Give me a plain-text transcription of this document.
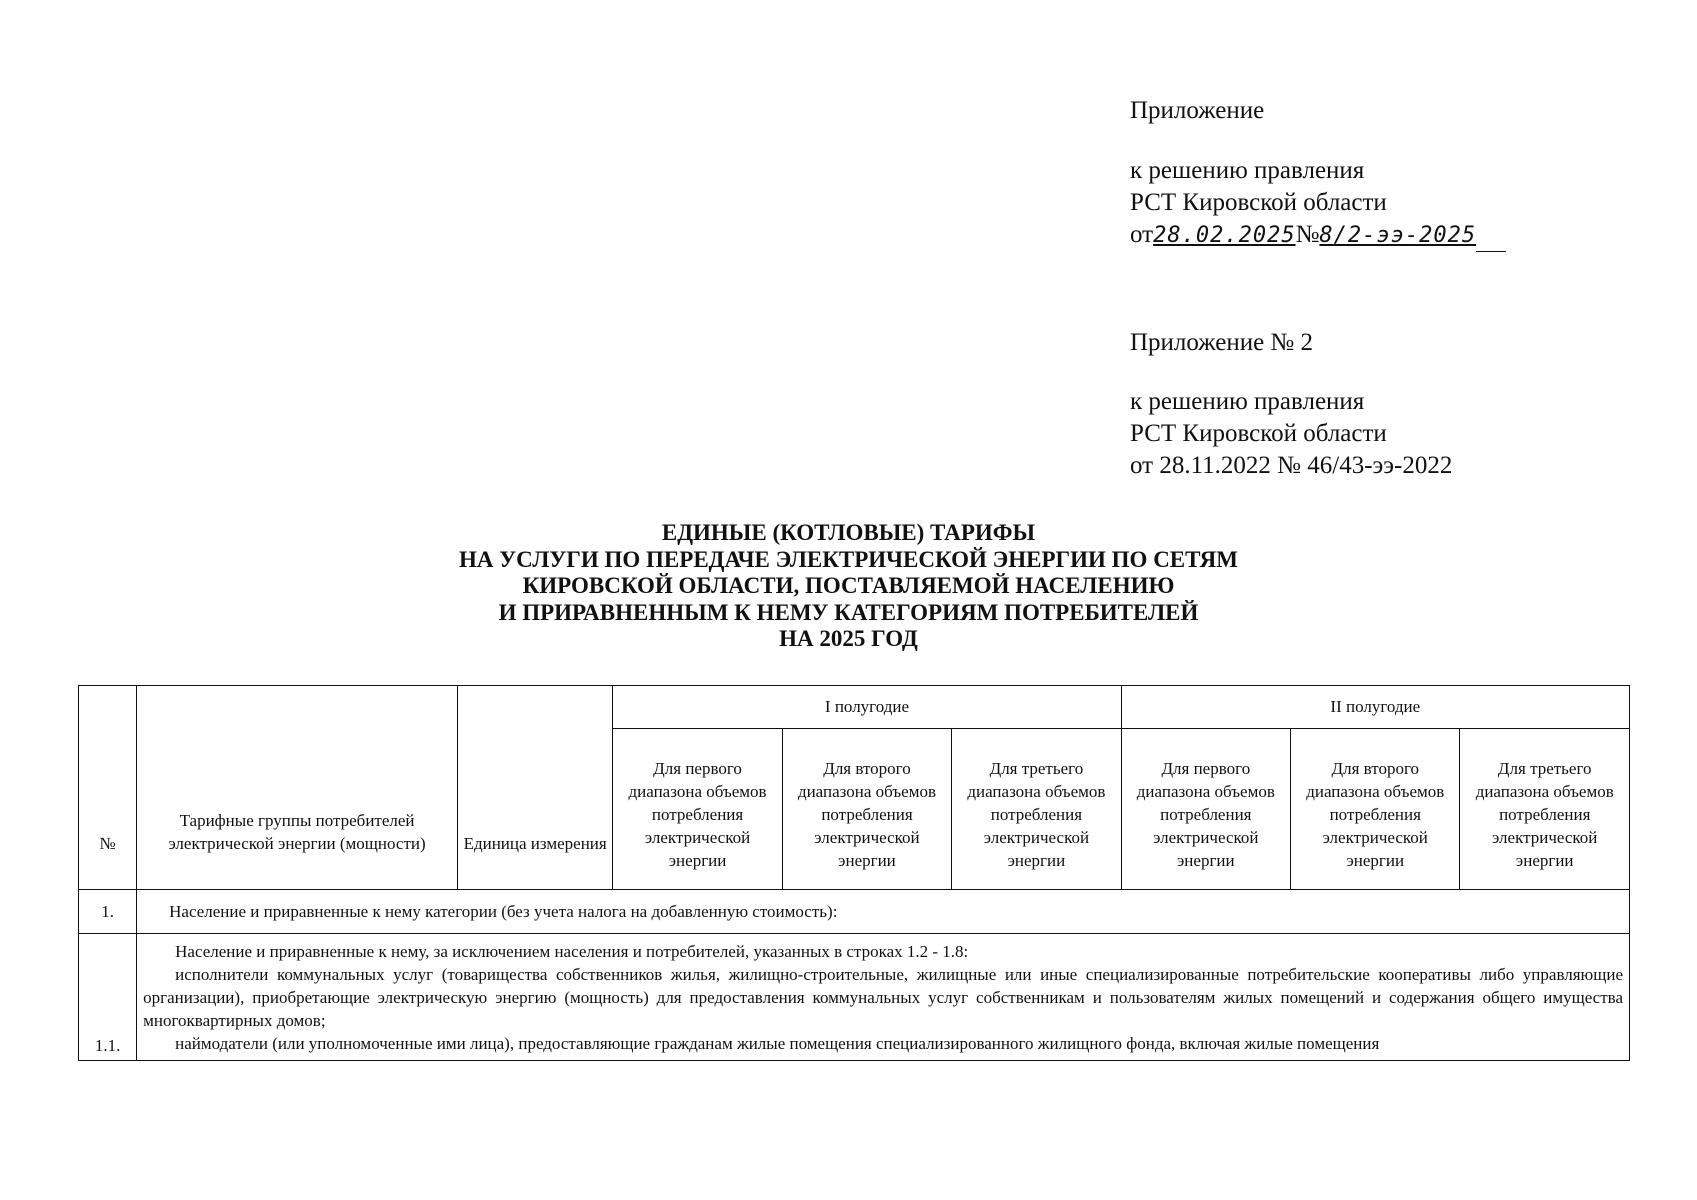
Приложение
к решению правления
РСТ Кировской области
от28.02.2025№8/2-ээ-2025
Приложение № 2
к решению правления
РСТ Кировской области
от 28.11.2022 № 46/43-ээ-2022
ЕДИНЫЕ (КОТЛОВЫЕ) ТАРИФЫ
НА УСЛУГИ ПО ПЕРЕДАЧЕ ЭЛЕКТРИЧЕСКОЙ ЭНЕРГИИ ПО СЕТЯМ
КИРОВСКОЙ ОБЛАСТИ, ПОСТАВЛЯЕМОЙ НАСЕЛЕНИЮ
И ПРИРАВНЕННЫМ К НЕМУ КАТЕГОРИЯМ ПОТРЕБИТЕЛЕЙ
НА 2025 ГОД
№	Тарифные группы потребителей электрической энергии (мощности)	Единица измерения	I полугодие			II полугодие		

			Для первого диапазона объемов потребления электрической энергии	Для второго диапазона объемов потребления электрической энергии	Для третьего диапазона объемов потребления электрической энергии	Для первого диапазона объемов потребления электрической энергии	Для второго диапазона объемов потребления электрической энергии	Для третьего диапазона объемов потребления электрической энергии

1.	Население и приравненные к нему категории (без учета налога на добавленную стоимость):							
1.1.	Население и приравненные к нему, за исключением населения и потребителей, указанных в строках 1.2 - 1.8:

исполнители коммунальных услуг (товарищества собственников жилья, жилищно-строительные, жилищные или иные специализированные потребительские кооперативы либо управляющие организации), приобретающие электрическую энергию (мощность) для предоставления коммунальных услуг собственникам и пользователям жилых помещений и содержания общего имущества многоквартирных домов;

наймодатели (или уполномоченные ими лица), предоставляющие гражданам жилые помещения специализированного жилищного фонда, включая жилые помещения							
